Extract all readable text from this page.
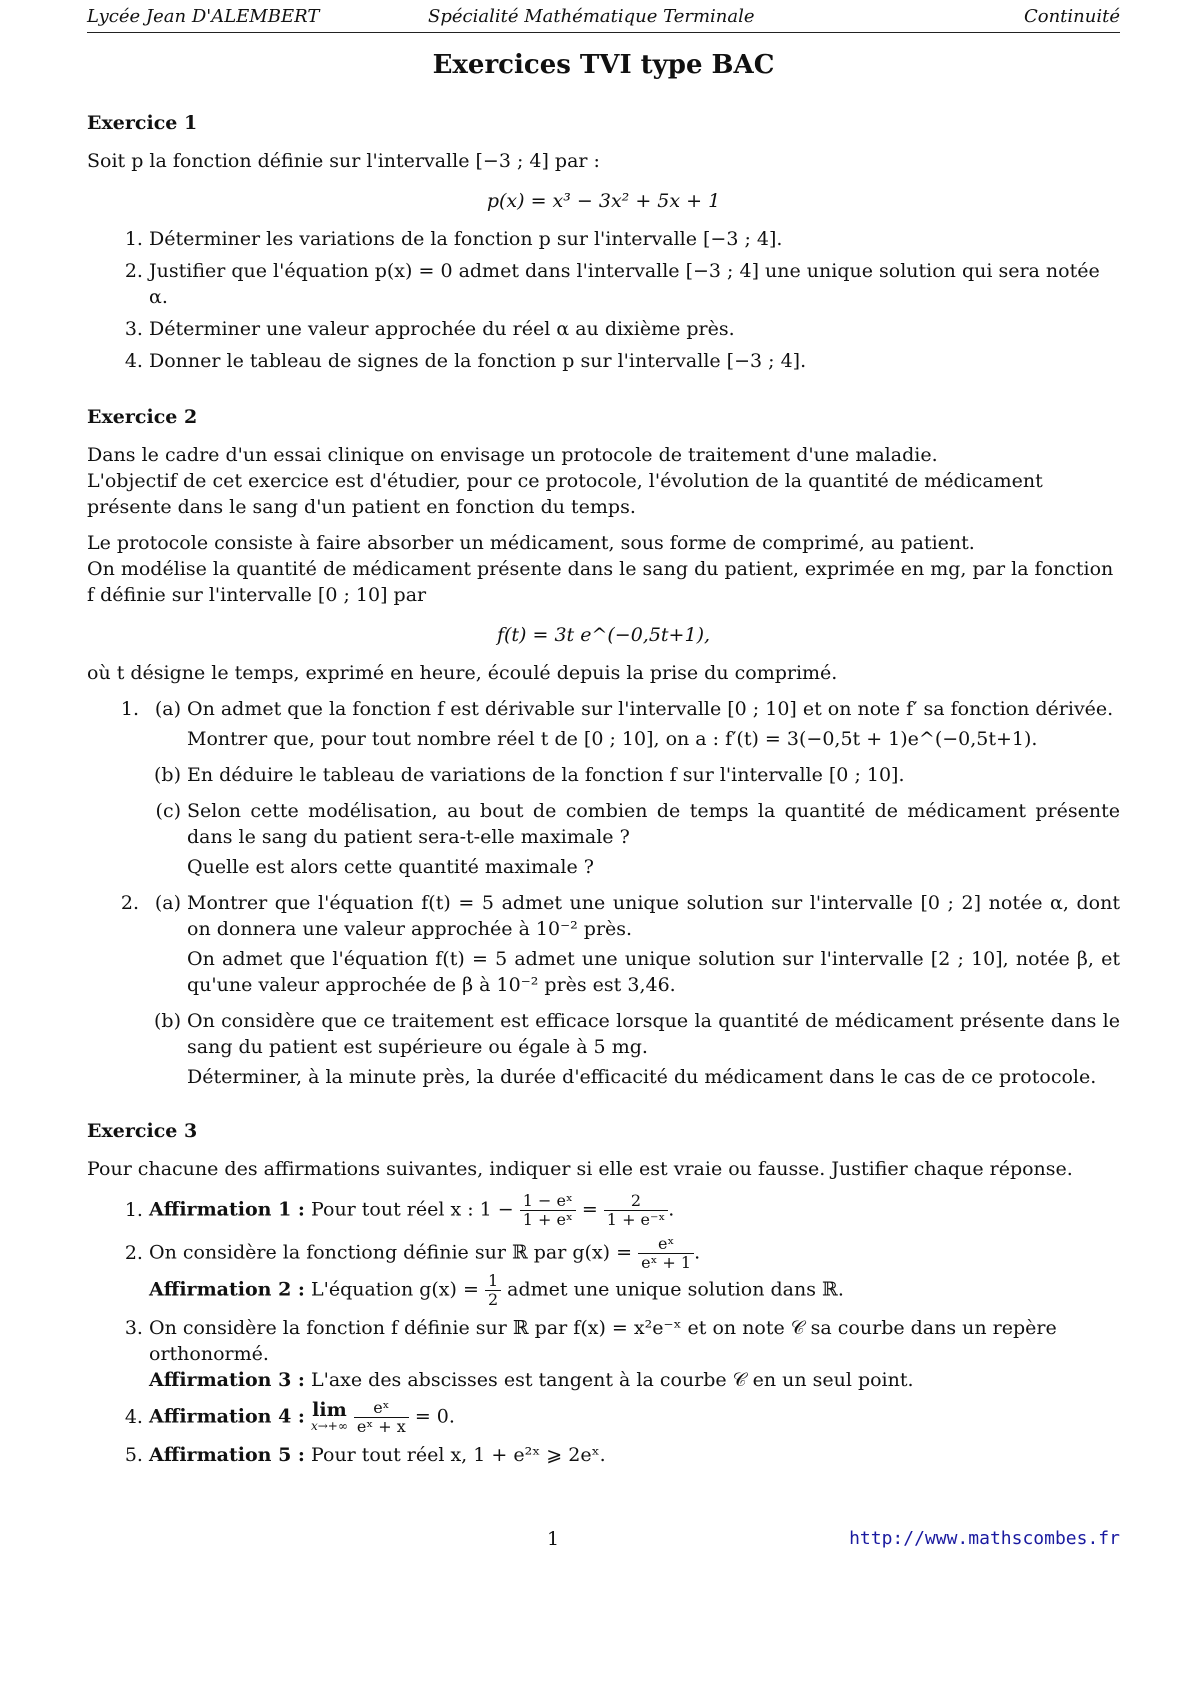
Lycée Jean D'ALEMBERT	Spécialité Mathématique Terminale	Continuité
Exercices TVI type BAC

Exercice 1

Soit p la fonction définie sur l'intervalle [−3 ; 4] par :

p(x) = x³ − 3x² + 5x + 1

1. Déterminer les variations de la fonction p sur l'intervalle [−3 ; 4].
2. Justifier que l'équation p(x) = 0 admet dans l'intervalle [−3 ; 4] une unique solution qui sera notée α.
3. Déterminer une valeur approchée du réel α au dixième près.
4. Donner le tableau de signes de la fonction p sur l'intervalle [−3 ; 4].

Exercice 2

Dans le cadre d'un essai clinique on envisage un protocole de traitement d'une maladie.

L'objectif de cet exercice est d'étudier, pour ce protocole, l'évolution de la quantité de médicament présente dans le sang d'un patient en fonction du temps.

Le protocole consiste à faire absorber un médicament, sous forme de comprimé, au patient.

On modélise la quantité de médicament présente dans le sang du patient, exprimée en mg, par la fonction f définie sur l'intervalle [0 ; 10] par

f(t) = 3t e^(−0,5t+1),

où t désigne le temps, exprimé en heure, écoulé depuis la prise du comprimé.

1. (a) On admet que la fonction f est dérivable sur l'intervalle [0 ; 10] et on note f′ sa fonction dérivée.

Montrer que, pour tout nombre réel t de [0 ; 10], on a : f′(t) = 3(−0,5t + 1)e^(−0,5t+1).

(b) En déduire le tableau de variations de la fonction f sur l'intervalle [0 ; 10].

(c) Selon cette modélisation, au bout de combien de temps la quantité de médicament présente dans le sang du patient sera-t-elle maximale ?

Quelle est alors cette quantité maximale ?

2. (a) Montrer que l'équation f(t) = 5 admet une unique solution sur l'intervalle [0 ; 2] notée α, dont on donnera une valeur approchée à 10⁻² près.

On admet que l'équation f(t) = 5 admet une unique solution sur l'intervalle [2 ; 10], notée β, et qu'une valeur approchée de β à 10⁻² près est 3,46.

(b) On considère que ce traitement est efficace lorsque la quantité de médicament présente dans le sang du patient est supérieure ou égale à 5 mg.

Déterminer, à la minute près, la durée d'efficacité du médicament dans le cas de ce protocole.

Exercice 3

Pour chacune des affirmations suivantes, indiquer si elle est vraie ou fausse. Justifier chaque réponse.

1. Affirmation 1 : Pour tout réel x : $1 - \frac{\text{1 − eˣ}}{\text{1 + eˣ}} = \frac{2}{\text{1 + e⁻ˣ}}$ .
2. On considère la fonctiong définie sur ℝ par $g(x) = \frac{\text{eˣ}}{\text{eˣ + 1}}$ .
Affirmation 2 : L'équation $g(x) = \frac{1}{2}$ admet une unique solution dans ℝ.
3. On considère la fonction f définie sur ℝ par f(x) = x²e⁻ˣ et on note 𝒞 sa courbe dans un repère orthonormé.
Affirmation 3 : L'axe des abscisses est tangent à la courbe 𝒞 en un seul point.
4. Affirmation 4 : lim
x→+∞
$\frac{\text{eˣ}}{\text{eˣ + x}} = 0$.
5. Affirmation 5 : Pour tout réel x, 1 + e²ˣ ⩾ 2eˣ.
1	http://www.mathscombes.fr
